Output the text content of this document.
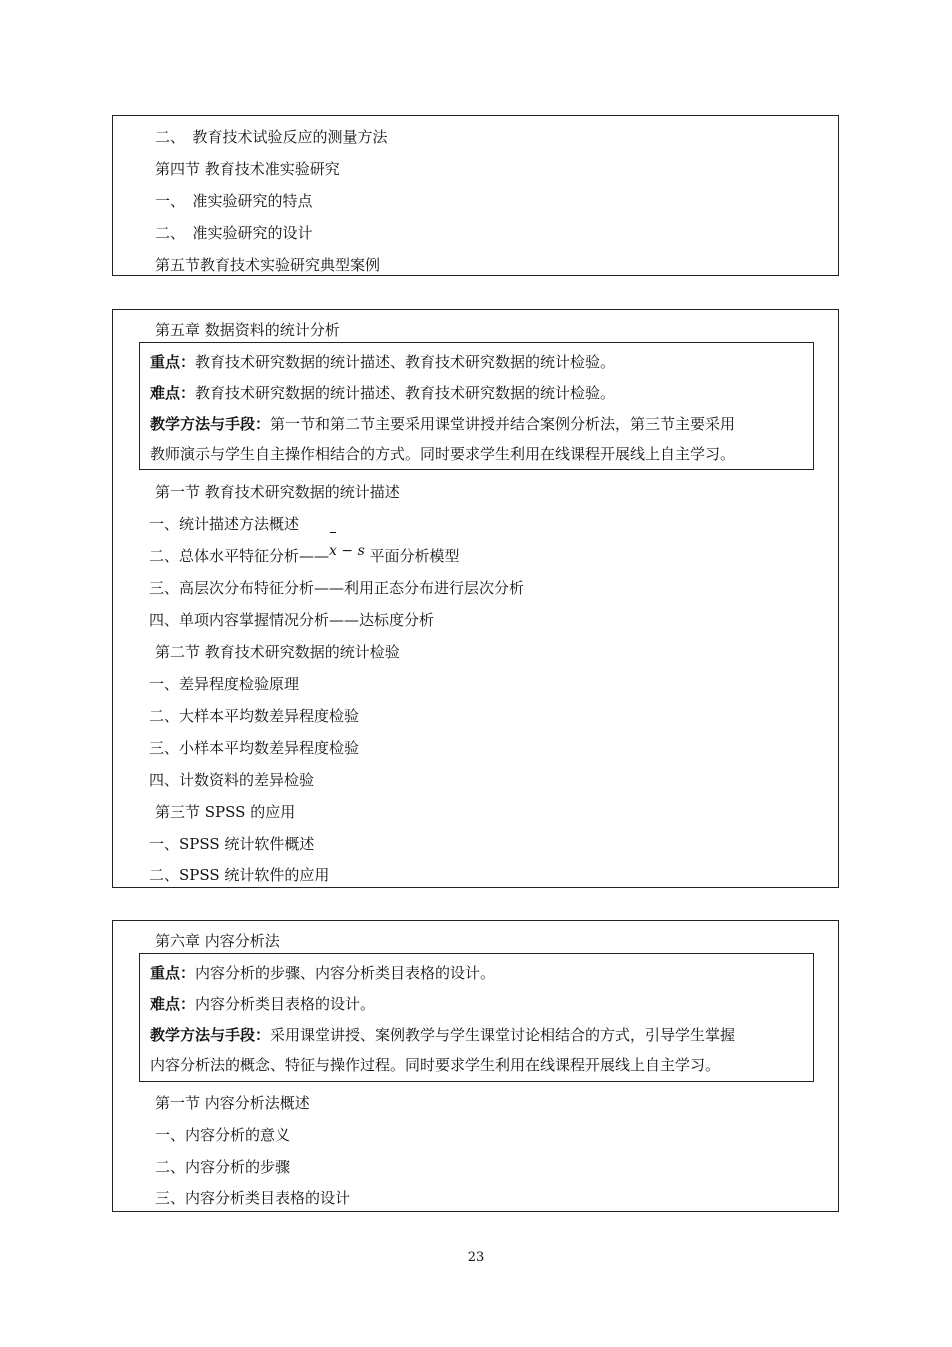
二、　教育技术试验反应的测量方法
第四节 教育技术准实验研究
一、　准实验研究的特点
二、　准实验研究的设计
第五节教育技术实验研究典型案例
第五章 数据资料的统计分析
重点：教育技术研究数据的统计描述、教育技术研究数据的统计检验。
难点：教育技术研究数据的统计描述、教育技术研究数据的统计检验。
教学方法与手段：第一节和第二节主要采用课堂讲授并结合案例分析法，第三节主要采用
教师演示与学生自主操作相结合的方式。同时要求学生利用在线课程开展线上自主学习。
第一节 教育技术研究数据的统计描述
一、统计描述方法概述
二、总体水平特征分析——x − s 平面分析模型
三、高层次分布特征分析——利用正态分布进行层次分析
四、单项内容掌握情况分析——达标度分析
第二节 教育技术研究数据的统计检验
一、差异程度检验原理
二、大样本平均数差异程度检验
三、小样本平均数差异程度检验
四、计数资料的差异检验
第三节 SPSS 的应用
一、SPSS 统计软件概述
二、SPSS 统计软件的应用
第六章 内容分析法
重点：内容分析的步骤、内容分析类目表格的设计。
难点：内容分析类目表格的设计。
教学方法与手段：采用课堂讲授、案例教学与学生课堂讨论相结合的方式，引导学生掌握
内容分析法的概念、特征与操作过程。同时要求学生利用在线课程开展线上自主学习。
第一节 内容分析法概述
一、内容分析的意义
二、内容分析的步骤
三、内容分析类目表格的设计
23
